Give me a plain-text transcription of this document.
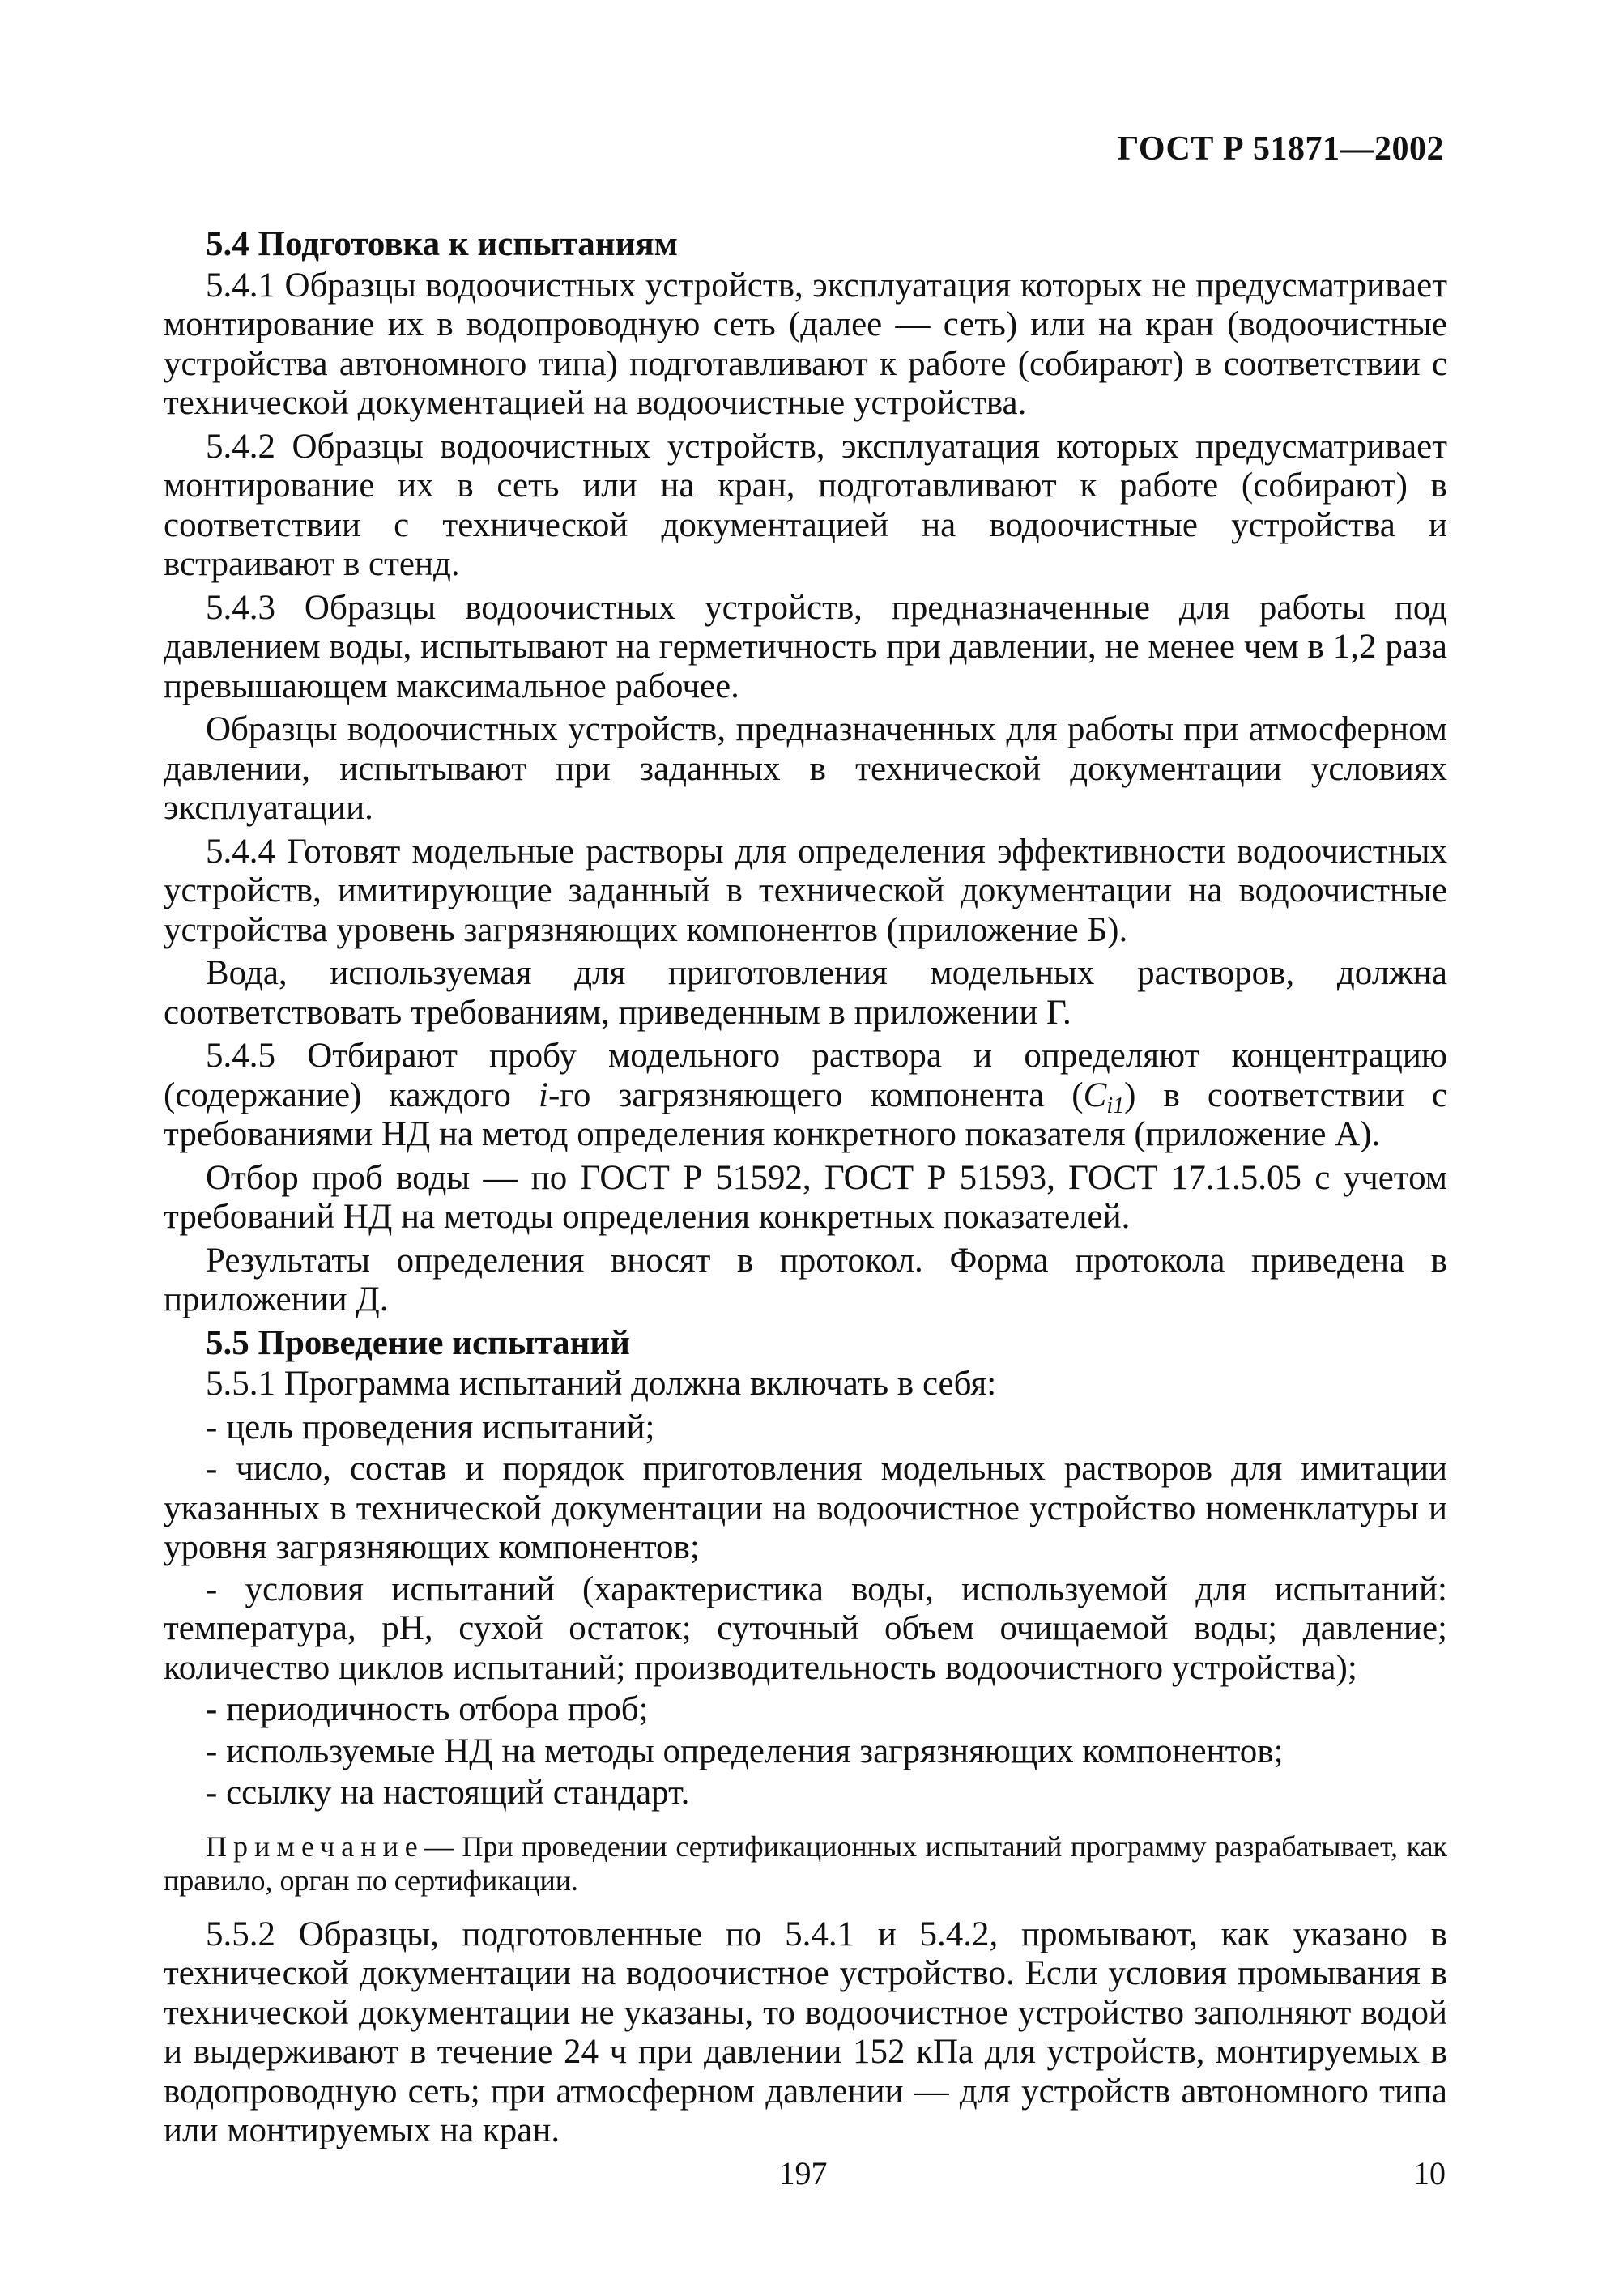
ГОСТ Р 51871—2002

5.4 Подготовка к испытаниям

5.4.1 Образцы водоочистных устройств, эксплуатация которых не предусматривает монтирование их в водопроводную сеть (далее — сеть) или на кран (водоочистные устройства автономного типа) подготавливают к работе (собирают) в соответствии с технической документацией на водоочистные устройства.

5.4.2 Образцы водоочистных устройств, эксплуатация которых предусматривает монтирование их в сеть или на кран, подготавливают к работе (собирают) в соответствии с технической документацией на водоочистные устройства и встраивают в стенд.

5.4.3 Образцы водоочистных устройств, предназначенные для работы под давлением воды, испытывают на герметичность при давлении, не менее чем в 1,2 раза превышающем максимальное рабочее.

Образцы водоочистных устройств, предназначенных для работы при атмосферном давлении, испытывают при заданных в технической документации условиях эксплуатации.

5.4.4 Готовят модельные растворы для определения эффективности водоочистных устройств, имитирующие заданный в технической документации на водоочистные устройства уровень загрязняющих компонентов (приложение Б).

Вода, используемая для приготовления модельных растворов, должна соответствовать требованиям, приведенным в приложении Г.

5.4.5 Отбирают пробу модельного раствора и определяют концентрацию (содержание) каждого i-го загрязняющего компонента $(C_{i1})$ в соответствии с требованиями НД на метод определения конкретного показателя (приложение А).

Отбор проб воды — по ГОСТ Р 51592, ГОСТ Р 51593, ГОСТ 17.1.5.05 с учетом требований НД на методы определения конкретных показателей.

Результаты определения вносят в протокол. Форма протокола приведена в приложении Д.

5.5 Проведение испытаний

5.5.1 Программа испытаний должна включать в себя:

- цель проведения испытаний;

- число, состав и порядок приготовления модельных растворов для имитации указанных в технической документации на водоочистное устройство номенклатуры и уровня загрязняющих компонентов;

- условия испытаний (характеристика воды, используемой для испытаний: температура, pH, сухой остаток; суточный объем очищаемой воды; давление; количество циклов испытаний; производительность водоочистного устройства);

- периодичность отбора проб;

- используемые НД на методы определения загрязняющих компонентов;

- ссылку на настоящий стандарт.

Примечание— При проведении сертификационных испытаний программу разрабатывает, как правило, орган по сертификации.

5.5.2 Образцы, подготовленные по 5.4.1 и 5.4.2, промывают, как указано в технической документации на водоочистное устройство. Если условия промывания в технической документации не указаны, то водоочистное устройство заполняют водой и выдерживают в течение 24 ч при давлении 152 кПа для устройств, монтируемых в водопроводную сеть; при атмосферном давлении — для устройств автономного типа или монтируемых на кран.

197	10
